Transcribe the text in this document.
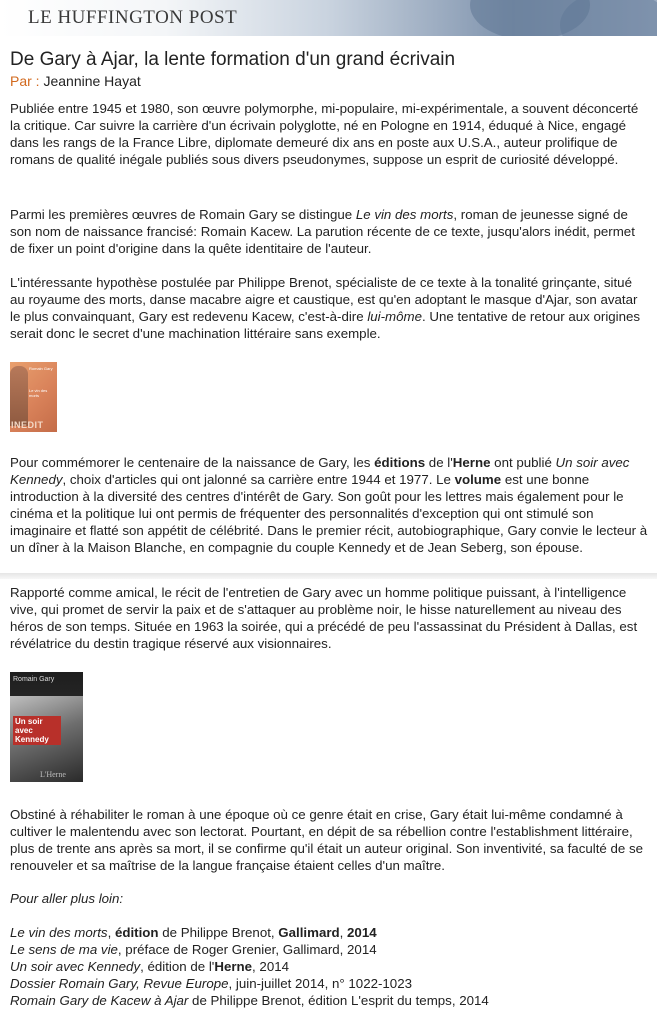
LE HUFFINGTON POST
De Gary à Ajar, la lente formation d'un grand écrivain
Par : Jeannine Hayat

Publiée entre 1945 et 1980, son œuvre polymorphe, mi-populaire, mi-expérimentale, a souvent déconcerté la critique. Car suivre la carrière d'un écrivain polyglotte, né en Pologne en 1914, éduqué à Nice, engagé dans les rangs de la France Libre, diplomate demeuré dix ans en poste aux U.S.A., auteur prolifique de romans de qualité inégale publiés sous divers pseudonymes, suppose un esprit de curiosité développé.

Parmi les premières œuvres de Romain Gary se distingue Le vin des morts, roman de jeunesse signé de son nom de naissance francisé: Romain Kacew. La parution récente de ce texte, jusqu'alors inédit, permet de fixer un point d'origine dans la quête identitaire de l'auteur.

L'intéressante hypothèse postulée par Philippe Brenot, spécialiste de ce texte à la tonalité grinçante, situé au royaume des morts, danse macabre aigre et caustique, est qu'en adoptant le masque d'Ajar, son avatar le plus convainquant, Gary est redevenu Kacew, c'est-à-dire lui-môme. Une tentative de retour aux origines serait donc le secret d'une machination littéraire sans exemple.

Romain Gary
Le vin des morts
INEDIT

Pour commémorer le centenaire de la naissance de Gary, les éditions de l'Herne ont publié Un soir avec Kennedy, choix d'articles qui ont jalonné sa carrière entre 1944 et 1977. Le volume est une bonne introduction à la diversité des centres d'intérêt de Gary. Son goût pour les lettres mais également pour le cinéma et la politique lui ont permis de fréquenter des personnalités d'exception qui ont stimulé son imaginaire et flatté son appétit de célébrité. Dans le premier récit, autobiographique, Gary convie le lecteur à un dîner à la Maison Blanche, en compagnie du couple Kennedy et de Jean Seberg, son épouse.

Rapporté comme amical, le récit de l'entretien de Gary avec un homme politique puissant, à l'intelligence vive, qui promet de servir la paix et de s'attaquer au problème noir, le hisse naturellement au niveau des héros de son temps. Située en 1963 la soirée, qui a précédé de peu l'assassinat du Président à Dallas, est révélatrice du destin tragique réservé aux visionnaires.

Romain Gary
Un soir avec Kennedy
L'Herne

Obstiné à réhabiliter le roman à une époque où ce genre était en crise, Gary était lui-même condamné à cultiver le malentendu avec son lectorat. Pourtant, en dépit de sa rébellion contre l'establishment littéraire, plus de trente ans après sa mort, il se confirme qu'il était un auteur original. Son inventivité, sa faculté de se renouveler et sa maîtrise de la langue française étaient celles d'un maître.

Pour aller plus loin:

Le vin des morts, édition de Philippe Brenot, Gallimard, 2014

Le sens de ma vie, préface de Roger Grenier, Gallimard, 2014

Un soir avec Kennedy, édition de l'Herne, 2014

Dossier Romain Gary, Revue Europe, juin-juillet 2014, n° 1022-1023

Romain Gary de Kacew à Ajar de Philippe Brenot, édition L'esprit du temps, 2014
